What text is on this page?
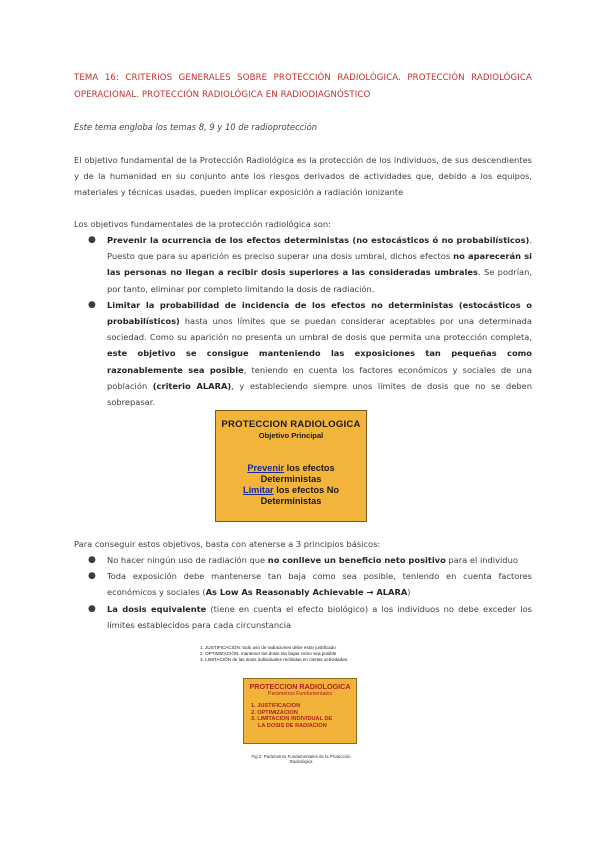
TEMA 16: CRITERIOS GENERALES SOBRE PROTECCIÓN RADIOLÓGICA. PROTECCIÓN RADIOLÓGICA OPERACIONAL. PROTECCIÓN RADIOLÓGICA EN RADIODIAGNÓSTICO
Este tema engloba los temas 8, 9 y 10 de radioprotección
El objetivo fundamental de la Protección Radiológica es la protección de los individuos, de sus descendientes y de la humanidad en su conjunto ante los riesgos derivados de actividades que, debido a los equipos, materiales y técnicas usadas, pueden implicar exposición a radiación ionizante
Los objetivos fundamentales de la protección radiológica son:
● Prevenir la ocurrencia de los efectos deterministas (no estocásticos ó no probabilísticos). Puesto que para su aparición es preciso superar una dosis umbral, dichos efectos no aparecerán si las personas no llegan a recibir dosis superiores a las consideradas umbrales. Se podrían, por tanto, eliminar por completo limitando la dosis de radiación.
● Limitar la probabilidad de incidencia de los efectos no deterministas (estocásticos o probabilísticos) hasta unos límites que se puedan considerar aceptables por una determinada sociedad. Como su aparición no presenta un umbral de dosis que permita una protección completa, este objetivo se consigue manteniendo las exposiciones tan pequeñas como razonablemente sea posible, teniendo en cuenta los factores económicos y sociales de una población (criterio ALARA), y estableciendo siempre unos límites de dosis que no se deben sobrepasar.
PROTECCION RADIOLOGICA
Objetivo Principal
Prevenir los efectos
Deterministas
Limitar los efectos No
Deterministas
Para conseguir estos objetivos, basta con atenerse a 3 principios básicos:
● No hacer ningún uso de radiación que no conlleve un beneficio neto positivo para el individuo
● Toda exposición debe mantenerse tan baja como sea posible, teniendo en cuenta factores económicos y sociales (As Low As Reasonably Achievable → ALARA)
● La dosis equivalente (tiene en cuenta el efecto biológico) a los individuos no debe exceder los límites establecidos para cada circunstancia
1. JUSTIFICACIÓN: todo uso de radiaciones debe estar justificado
2. OPTIMIZACIÓN: mantener las dosis tan bajas como sea posible
3. LIMITACIÓN de las dosis individuales recibidas en ciertas actividades.
PROTECCION RADIOLOGICA
Parámetros Fundamentales
1. JUSTIFICACION
2. OPTIMIZACION
3. LIMITACION INDIVIDUAL DE
LA DOSIS DE RADIACION
Fig.2. Parámetros Fundamentales de la Protección Radiológica
